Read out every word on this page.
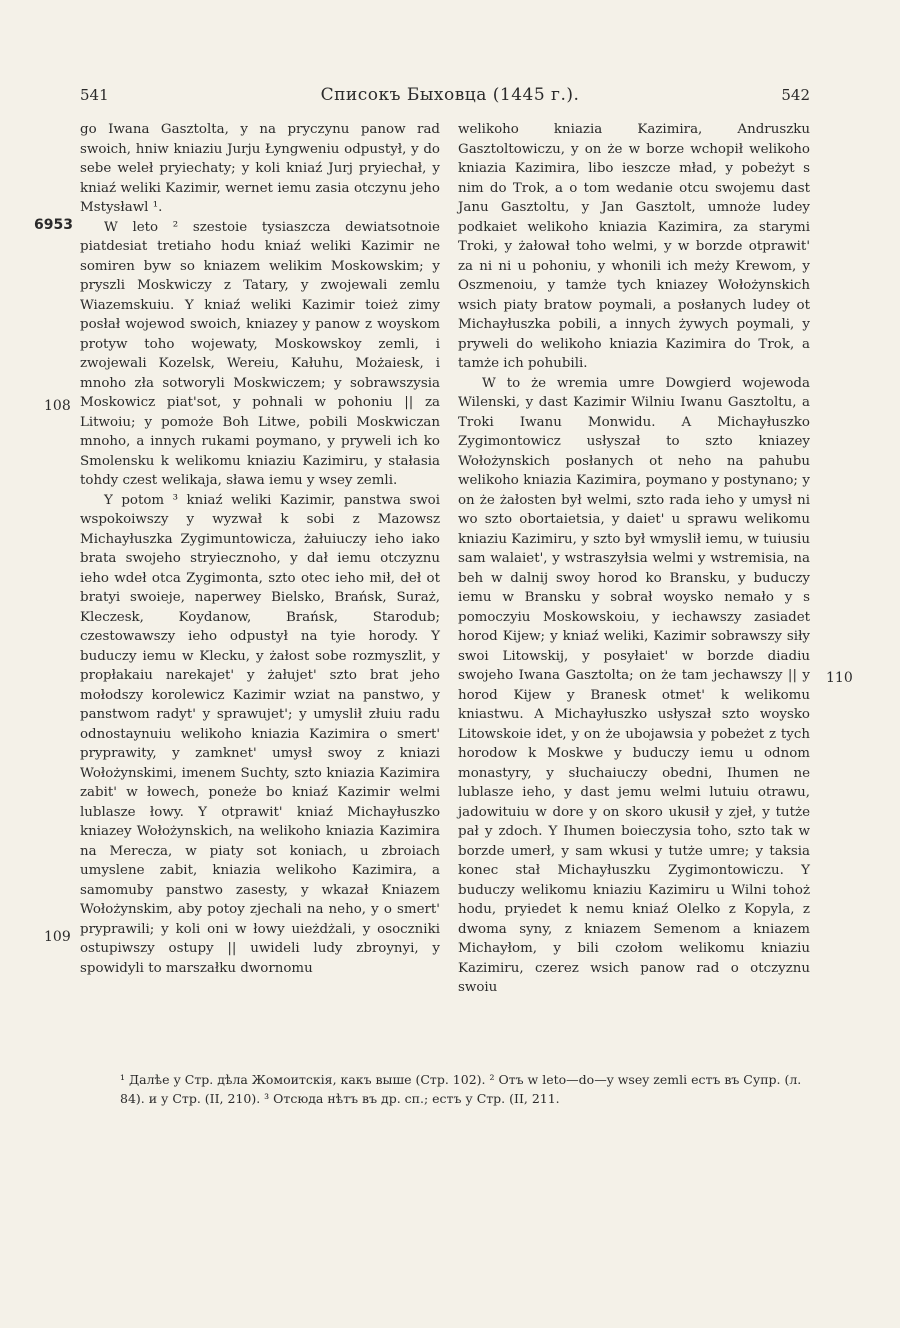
541	Списокъ Быховца (1445 г.).	542
6953
108
109
110

go Iwana Gasztolta, y na pryczynu panow rad swoich, hniw kniaziu Jurju Łyngweniu odpustył, y do sebe weleł pryiechaty; y koli kniaź Jurj pryiechał, y kniaź weliki Kazimir, wernet iemu zasia otczynu jeho Mstysławl ¹.

W leto ² szestoie tysiaszcza dewiatsotnoie piatdesiat tretiaho hodu kniaź weliki Kazimir ne somiren byw so kniazem welikim Moskowskim; y pryszli Moskwiczy z Tatary, y zwojewali zemlu Wiazemskuiu. Y kniaź weliki Kazimir toież zimy posłał wojewod swoich, kniazey y panow z woyskom protyw toho wojewaty, Moskowskoy zemli, i zwojewali Kozelsk, Wereiu, Kałuhu, Możaiesk, i mnoho zła sotworyli Moskwiczem; y sobrawszysia Moskowicz piat'sot, y pohnali w pohoniu || za Litwoiu; y pomoże Boh Litwe, pobili Moskwiczan mnoho, a innych rukami poymano, y pryweli ich ko Smolensku k welikomu kniaziu Kazimiru, y stałasia tohdy czest welikaja, sława iemu y wsey zemli.

Y potom ³ kniaź weliki Kazimir, panstwa swoi wspokoiwszy y wyzwał k sobi z Mazowsz Michayłuszka Zygimuntowicza, żałuiuczy ieho iako brata swojeho stryiecznoho, y dał iemu otczyznu ieho wdeł otca Zygimonta, szto otec ieho mił, deł ot bratyi swoieje, naperwey Bielsko, Brańsk, Suraż, Kleczesk, Koydanow, Brańsk, Starodub; czestowawszy ieho odpustył na tyie horody. Y buduczy iemu w Klecku, y żałost sobe rozmyszlit, y propłakaiu narekajet' y żałujet' szto brat jeho mołodszy korolewicz Kazimir wziat na panstwo, y panstwom radyt' y sprawujet'; y umyslił złuiu radu odnostaynuiu welikoho kniazia Kazimira o smert' pryprawity, y zamknet' umysł swoy z kniazi Wołożynskimi, imenem Suchty, szto kniazia Kazimira zabit' w łowech, poneże bo kniaź Kazimir welmi lublasze łowy. Y otprawit' kniaź Michayłuszko kniazey Wołożynskich, na welikoho kniazia Kazimira na Merecza, w piaty sot koniach, u zbroiach umyslene zabit, kniazia welikoho Kazimira, a samomuby panstwo zasesty, y wkazał Kniazem Wołożynskim, aby potoy zjechali na neho, y o smert' pryprawili; y koli oni w łowy uieżdżali, y osoczniki ostupiwszy ostupy || uwideli ludy zbroynyi, y spowidyli to marszałku dwornomu

welikoho kniazia Kazimira, Andruszku Gasztoltowiczu, y on że w borze wchopił welikoho kniazia Kazimira, libo ieszcze mład, y pobeżyt s nim do Trok, a o tom wedanie otcu swojemu dast Janu Gasztoltu, y Jan Gasztolt, umnoże ludey podkaiet welikoho kniazia Kazimira, za starymi Troki, y żałował toho welmi, y w borzde otprawit' za ni ni u pohoniu, y whonili ich meży Krewom, y Oszmenoiu, y tamże tych kniazey Wołożynskich wsich piaty bratow poymali, a posłanych ludey ot Michayłuszka pobili, a innych żywych poymali, y pryweli do welikoho kniazia Kazimira do Trok, a tamże ich pohubili.

W to że wremia umre Dowgierd wojewoda Wilenski, y dast Kazimir Wilniu Iwanu Gasztoltu, a Troki Iwanu Monwidu. A Michayłuszko Zygimontowicz usłyszał to szto kniazey Wołożynskich posłanych ot neho na pahubu welikoho kniazia Kazimira, poymano y postynano; y on że żałosten był welmi, szto rada ieho y umysł ni wo szto obortaietsia, y daiet' u sprawu welikomu kniaziu Kazimiru, y szto był wmyslił iemu, w tuiusiu sam walaiet', y wstraszyłsia welmi y wstremisia, na beh w dalnij swoy horod ko Bransku, y buduczy iemu w Bransku y sobrał woysko nemało y s pomoczyiu Moskowskoiu, y iechawszy zasiadet horod Kijew; y kniaź weliki, Kazimir sobrawszy siły swoi Litowskij, y posyłaiet' w borzde diadiu swojeho Iwana Gasztolta; on że tam jechawszy || y horod Kijew y Branesk otmet' k welikomu kniastwu. A Michayłuszko usłyszał szto woysko Litowskoie idet, y on że ubojawsia y pobeżet z tych horodow k Moskwe y buduczy iemu u odnom monastyry, y słuchaiuczy obedni, Ihumen ne lublasze ieho, y dast jemu welmi lutuiu otrawu, jadowituiu w dore y on skoro ukusił y zjeł, y tutże pał y zdoch. Y Ihumen boieczysia toho, szto tak w borzde umerł, y sam wkusi y tutże umre; y taksia konec stał Michayłuszku Zygimontowiczu. Y buduczy welikomu kniaziu Kazimiru u Wilni tohoż hodu, pryiedet k nemu kniaź Olelko z Kopyla, z dwoma syny, z kniazem Semenom a kniazem Michayłom, y bili czołom welikomu kniaziu Kazimiru, czerez wsich panow rad o otczyznu swoiu

¹ Далѣе у Стр. дѣла Жомоитскія, какъ выше (Стр. 102). ² Отъ w leto—do—y wsey zemli естъ въ Супр. (л. 84). и у Стр. (II, 210). ³ Отсюда нѣтъ въ др. сп.; естъ у Стр. (II, 211.
